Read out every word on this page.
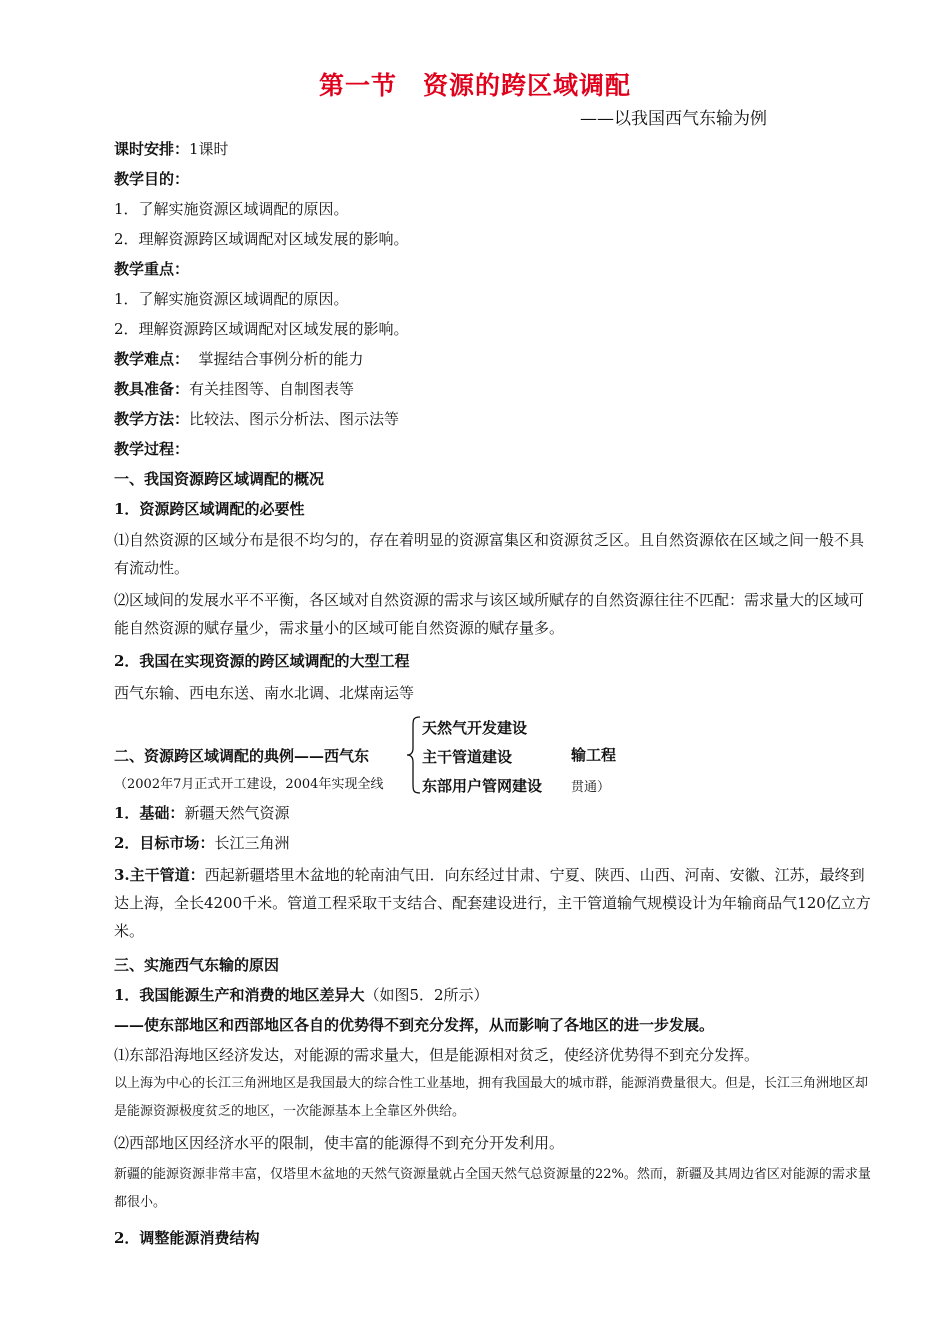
第一节　资源的跨区域调配
——以我国西气东输为例
课时安排：1课时
教学目的：
1．了解实施资源区域调配的原因。
2．理解资源跨区域调配对区域发展的影响。
教学重点：
1．了解实施资源区域调配的原因。
2．理解资源跨区域调配对区域发展的影响。
教学难点：  掌握结合事例分析的能力
教具准备：有关挂图等、自制图表等
教学方法：比较法、图示分析法、图示法等
教学过程：
一、我国资源跨区域调配的概况
1．资源跨区域调配的必要性
⑴自然资源的区域分布是很不均匀的，存在着明显的资源富集区和资源贫乏区。且自然资源依在区域之间一般不具有流动性。
⑵区域间的发展水平不平衡，各区域对自然资源的需求与该区域所赋存的自然资源往往不匹配：需求量大的区域可能自然资源的赋存量少，需求量小的区域可能自然资源的赋存量多。
2．我国在实现资源的跨区域调配的大型工程
西气东输、西电东送、南水北调、北煤南运等
二、资源跨区域调配的典例——西气东	输工程
（2002年7月正式开工建设，2004年实现全线	贯通）
天然气开发建设
主干管道建设
东部用户管网建设
1．基础：新疆天然气资源
2．目标市场：长江三角洲
3.主干管道：西起新疆塔里木盆地的轮南油气田．向东经过甘肃、宁夏、陕西、山西、河南、安徽、江苏，最终到达上海，全长4200千米。管道工程采取干支结合、配套建设进行，主干管道输气规模设计为年输商品气120亿立方米。
三、实施西气东输的原因
1．我国能源生产和消费的地区差异大（如图5．2所示）
——使东部地区和西部地区各自的优势得不到充分发挥，从而影响了各地区的进一步发展。
⑴东部沿海地区经济发达，对能源的需求量大，但是能源相对贫乏，使经济优势得不到充分发挥。
以上海为中心的长江三角洲地区是我国最大的综合性工业基地，拥有我国最大的城市群，能源消费量很大。但是，长江三角洲地区却是能源资源极度贫乏的地区，一次能源基本上全靠区外供给。
⑵西部地区因经济水平的限制，使丰富的能源得不到充分开发利用。
新疆的能源资源非常丰富，仅塔里木盆地的天然气资源量就占全国天然气总资源量的22%。然而，新疆及其周边省区对能源的需求量都很小。
2．调整能源消费结构
